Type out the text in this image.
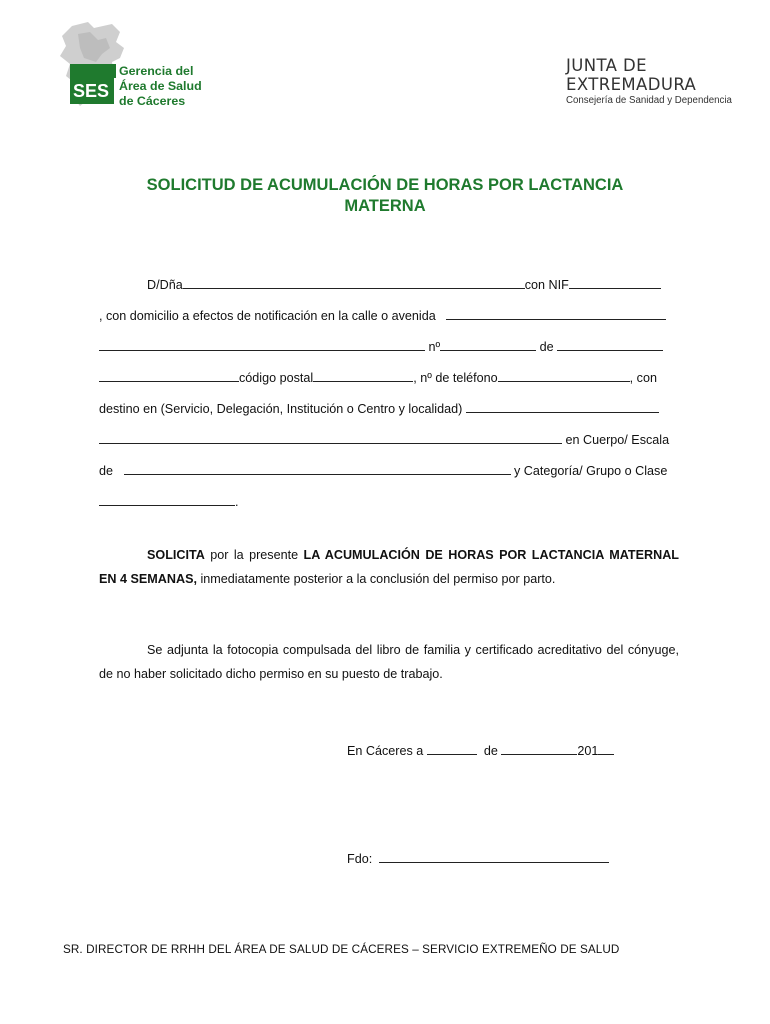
SES
Gerencia del
Área de Salud
de Cáceres
JUNTA DE EXTREMADURA
Consejería de Sanidad y Dependencia
SOLICITUD DE ACUMULACIÓN DE HORAS POR LACTANCIA
MATERNA
D/Dña	con NIF
, con domicilio a efectos de notificación en la calle o avenida
nº	de
código postal	, nº de teléfono	, con
destino en (Servicio, Delegación, Institución o Centro y localidad)
en Cuerpo/ Escala
de	y Categoría/ Grupo o Clase
.
SOLICITA por la presente LA ACUMULACIÓN DE HORAS POR LACTANCIA MATERNAL EN 4 SEMANAS, inmediatamente posterior a la conclusión del permiso por parto.
Se adjunta la fotocopia compulsada del libro de familia y certificado acreditativo del cónyuge, de no haber solicitado dicho permiso en su puesto de trabajo.
En Cáceres a	de	201
Fdo:
SR. DIRECTOR DE RRHH DEL ÁREA DE SALUD DE CÁCERES – SERVICIO EXTREMEÑO DE SALUD
